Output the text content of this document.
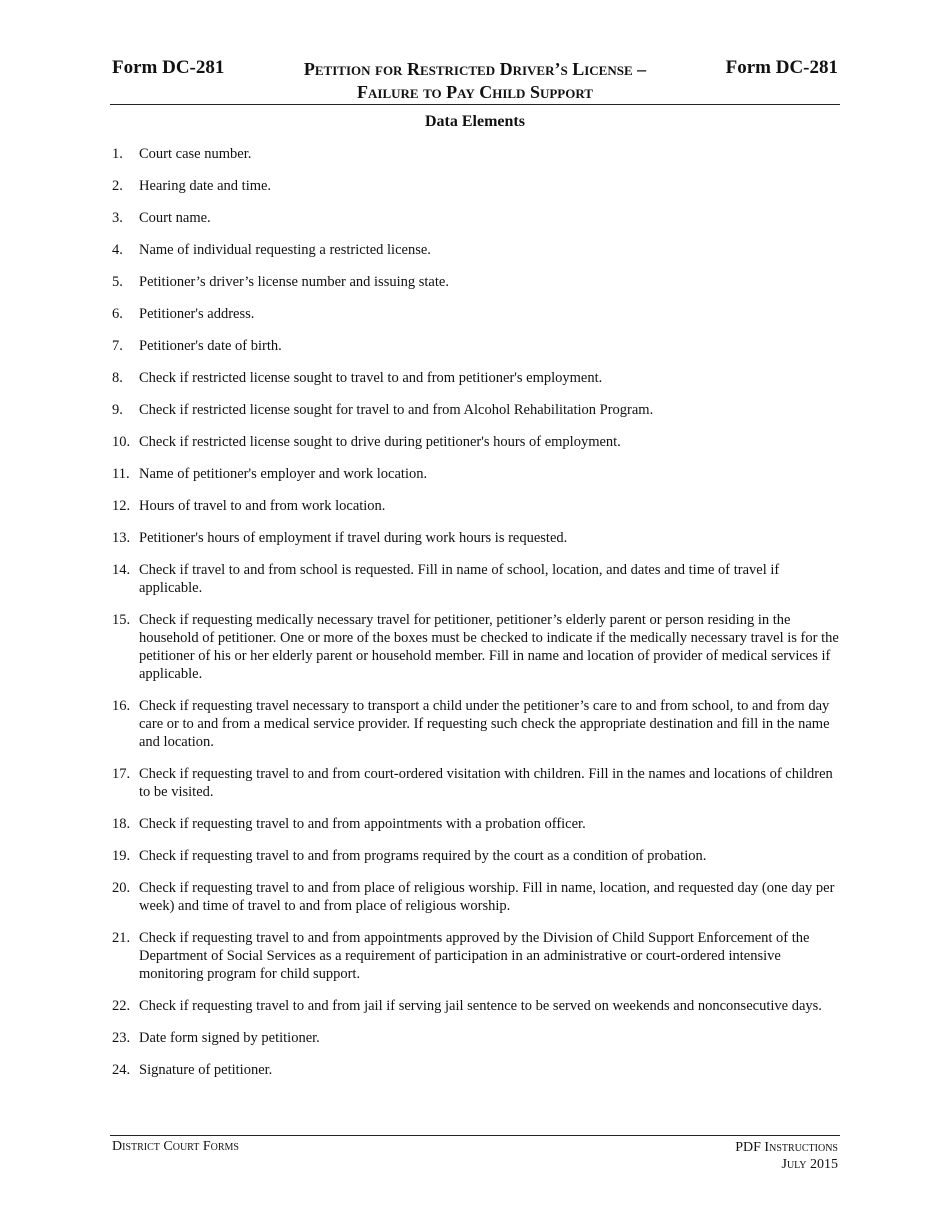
Form DC-281	Petition for Restricted Driver’s License –
Failure to Pay Child Support
Form DC-281
Data Elements
1. Court case number.
2. Hearing date and time.
3. Court name.
4. Name of individual requesting a restricted license.
5. Petitioner’s driver’s license number and issuing state.
6. Petitioner's address.
7. Petitioner's date of birth.
8. Check if restricted license sought to travel to and from petitioner's employment.
9. Check if restricted license sought for travel to and from Alcohol Rehabilitation Program.
10. Check if restricted license sought to drive during petitioner's hours of employment.
11. Name of petitioner's employer and work location.
12. Hours of travel to and from work location.
13. Petitioner's hours of employment if travel during work hours is requested.
14. Check if travel to and from school is requested. Fill in name of school, location, and dates and time of travel if applicable.
15. Check if requesting medically necessary travel for petitioner, petitioner’s elderly parent or person residing in the household of petitioner. One or more of the boxes must be checked to indicate if the medically necessary travel is for the petitioner of his or her elderly parent or household member. Fill in name and location of provider of medical services if applicable.
16. Check if requesting travel necessary to transport a child under the petitioner’s care to and from school, to and from day care or to and from a medical service provider. If requesting such check the appropriate destination and fill in the name and location.
17. Check if requesting travel to and from court-ordered visitation with children. Fill in the names and locations of children to be visited.
18. Check if requesting travel to and from appointments with a probation officer.
19. Check if requesting travel to and from programs required by the court as a condition of probation.
20. Check if requesting travel to and from place of religious worship. Fill in name, location, and requested day (one day per week) and time of travel to and from place of religious worship.
21. Check if requesting travel to and from appointments approved by the Division of Child Support Enforcement of the Department of Social Services as a requirement of participation in an administrative or court-ordered intensive monitoring program for child support.
22. Check if requesting travel to and from jail if serving jail sentence to be served on weekends and nonconsecutive days.
23. Date form signed by petitioner.
24. Signature of petitioner.
District Court Forms	PDF Instructions
July 2015
